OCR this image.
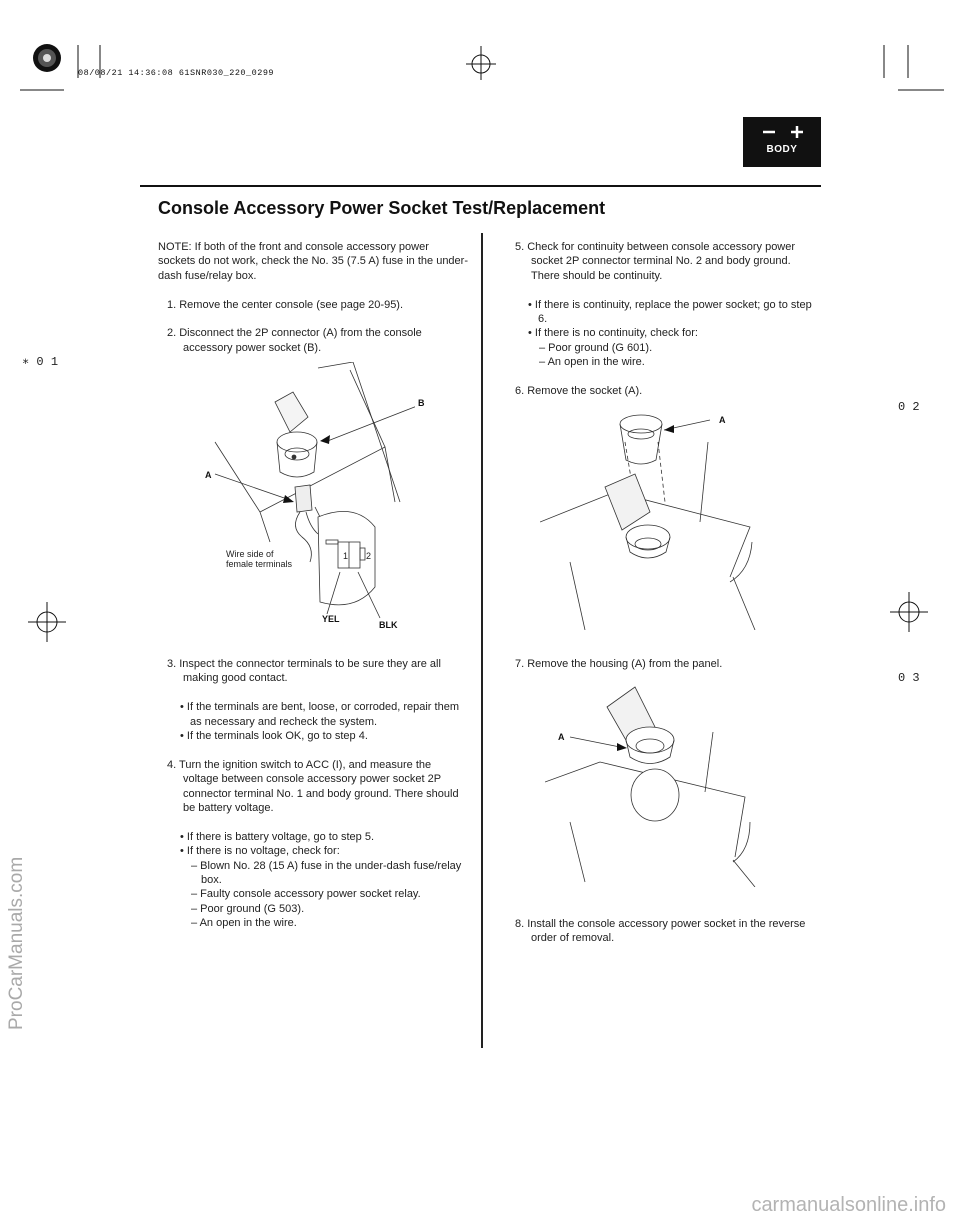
08/08/21 14:36:08 61SNR030_220_0299
BODY
Console Accessory Power Socket Test/Replacement
∗ 0 1
0 2
0 3
ProCarManuals.com
carmanualsonline.info

NOTE: If both of the front and console accessory power sockets do not work, check the No. 35 (7.5 A) fuse in the under-dash fuse/relay box.

1. Remove the center console (see page 20-95).

2. Disconnect the 2P connector (A) from the console accessory power socket (B).

B
A
Wire side of
female terminals
1 2
YEL
BLK

3. Inspect the connector terminals to be sure they are all making good contact.

• If the terminals are bent, loose, or corroded, repair them as necessary and recheck the system.

• If the terminals look OK, go to step 4.

4. Turn the ignition switch to ACC (I), and measure the voltage between console accessory power socket 2P connector terminal No. 1 and body ground. There should be battery voltage.

• If there is battery voltage, go to step 5.

• If there is no voltage, check for:

– Blown No. 28 (15 A) fuse in the under-dash fuse/relay box.

– Faulty console accessory power socket relay.

– Poor ground (G 503).

– An open in the wire.

5. Check for continuity between console accessory power socket 2P connector terminal No. 2 and body ground. There should be continuity.

• If there is continuity, replace the power socket; go to step 6.

• If there is no continuity, check for:

– Poor ground (G 601).

– An open in the wire.

6. Remove the socket (A).

A

7. Remove the housing (A) from the panel.

A

8. Install the console accessory power socket in the reverse order of removal.
